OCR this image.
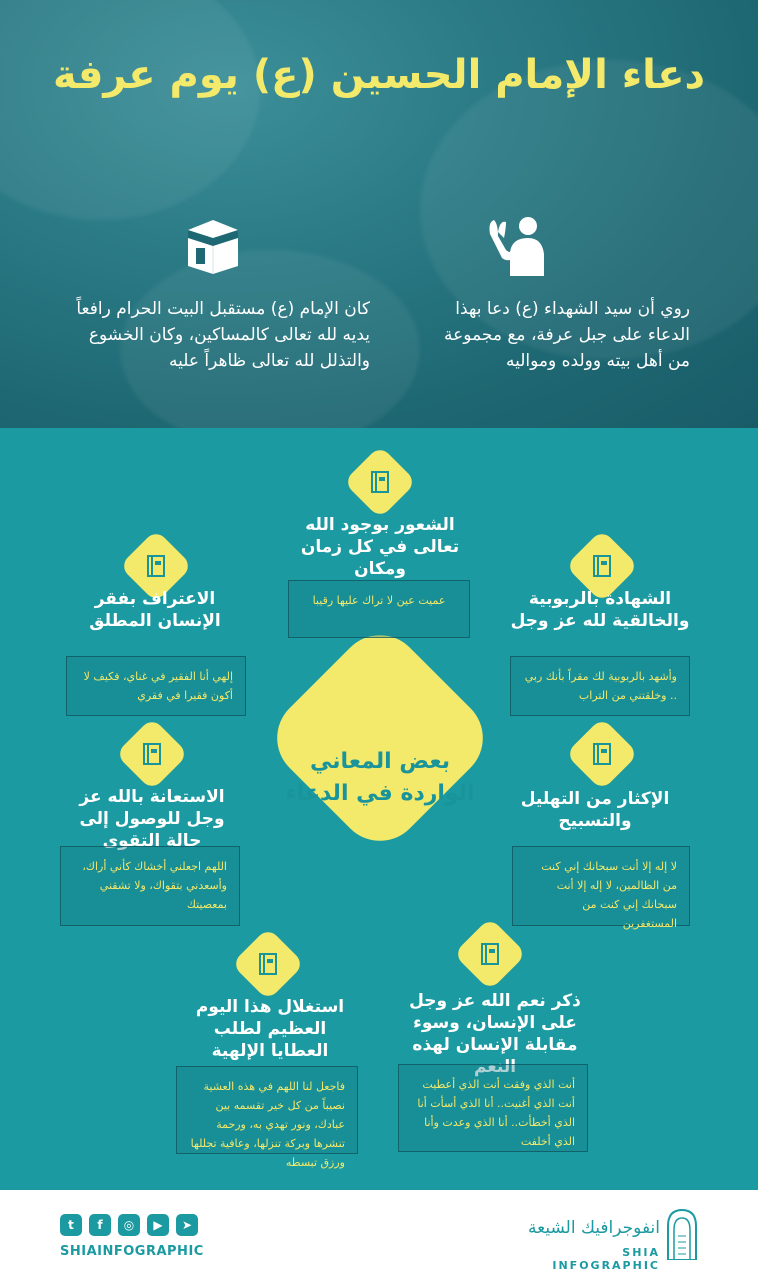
دعاء الإمام الحسين (ع) يوم عرفة
روي أن سيد الشهداء (ع) دعا بهذا الدعاء على جبل عرفة، مع مجموعة من أهل بيته وولده ومواليه
كان الإمام (ع) مستقبل البيت الحرام رافعاً يديه لله تعالى كالمساكين، وكان الخشوع والتذلل لله تعالى ظاهراً عليه
بعض المعاني الواردة في الدعاء
الشعور بوجود الله تعالى في كل زمان ومكان
عميت عين لا تراك عليها رقيبا	الشهادة بالربوبية والخالقية لله عز وجل
وأشهد بالربوبية لك مقراً بأنك ربي .. وخلقتني من التراب
الاعتراف بفقر الإنسان المطلق
إلهي أنا الفقير في غناي، فكيف لا أكون فقيرا في فقري
الإكثار من التهليل والتسبيح
لا إله إلا أنت سبحانك إني كنت من الظالمين، لا إله إلا أنت سبحانك إني كنت من المستغفرين
الاستعانة بالله عز وجل للوصول إلى حالة التقوى
اللهم اجعلني أخشاك كأني أراك، وأسعدني بتقواك، ولا تشقني بمعصيتك
ذكر نعم الله عز وجل على الإنسان، وسوء مقابلة الإنسان لهذه النعم
أنت الذي وفقت أنت الذي أعطيت أنت الذي أغنيت.. أنا الذي أسأت أنا الذي أخطأت.. أنا الذي وعدت وأنا الذي أخلفت
استغلال هذا اليوم العظيم لطلب العطايا الإلهية
فاجعل لنا اللهم في هذه العشية نصيباً من كل خير تقسمه بين عبادك، ونور تهدي به، ورحمة تنشرها وبركة تنزلها، وعافية تجللها ورزق تبسطه
t	f	◎	▶	➤
SHIAINFOGRAPHIC
انفوجرافيك الشيعة
SHIA INFOGRAPHIC
